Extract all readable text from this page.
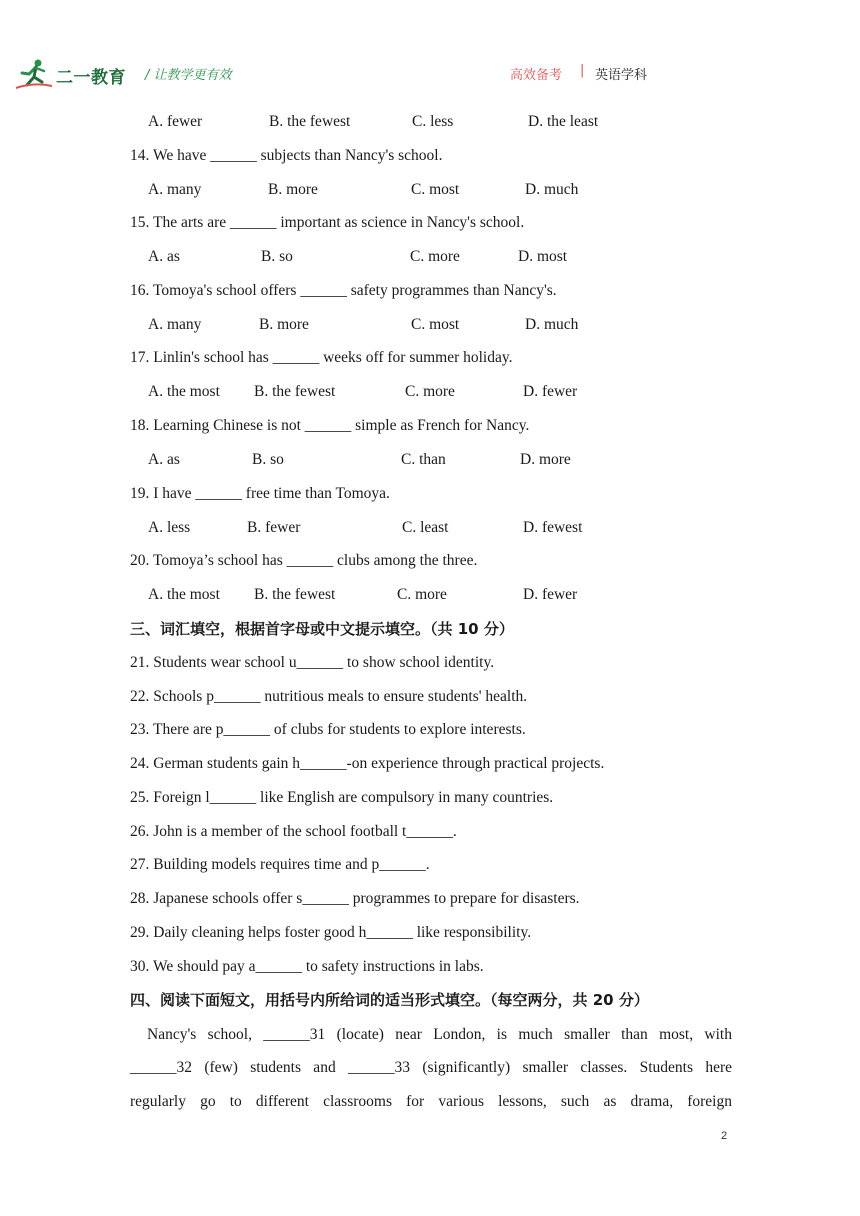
二一教育 / 让教学更有效	高效备考 | 英语学科
A. fewer	B. the fewest	C. less	D. the least
14. We have ______ subjects than Nancy's school.
A. many	B. more	C. most	D. much
15. The arts are ______ important as science in Nancy's school.
A. as	B. so	C. more	D. most
16. Tomoya's school offers ______ safety programmes than Nancy's.
A. many	B. more	C. most	D. much
17. Linlin's school has ______ weeks off for summer holiday.
A. the most B. the fewest	C. more	D. fewer
18. Learning Chinese is not ______ simple as French for Nancy.
A. as	B. so	C. than	D. more
19. I have ______ free time than Tomoya.
A. less	B. fewer	C. least	D. fewest
20. Tomoya’s school has ______ clubs among the three.
A. the most B. the fewest	C. more	D. fewer
三、词汇填空，根据首字母或中文提示填空。（共 10 分）
21. Students wear school u______ to show school identity.
22. Schools p______ nutritious meals to ensure students' health.
23. There are p______ of clubs for students to explore interests.
24. German students gain h______-on experience through practical projects.
25. Foreign l______ like English are compulsory in many countries.
26. John is a member of the school football t______.
27. Building models requires time and p______.
28. Japanese schools offer s______ programmes to prepare for disasters.
29. Daily cleaning helps foster good h______ like responsibility.
30. We should pay a______ to safety instructions in labs.
四、阅读下面短文，用括号内所给词的适当形式填空。（每空两分，共 20 分）
Nancy's school, ______31 (locate) near London, is much smaller than most, with
______32 (few) students and ______33 (significantly) smaller classes. Students here
regularly go to different classrooms for various lessons, such as drama, foreign
2
